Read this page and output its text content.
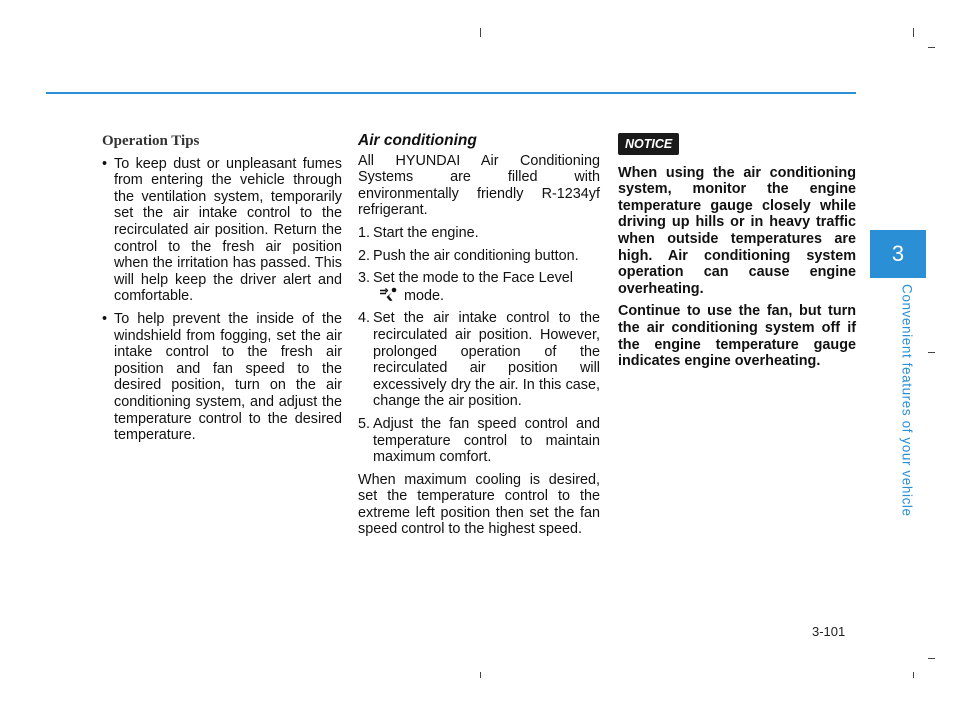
Operation Tips
• To keep dust or unpleasant fumes from entering the vehicle through the ventilation system, temporarily set the air intake control to the recirculated air position. Return the control to the fresh air position when the irritation has passed. This will help keep the driver alert and comfortable.
• To help prevent the inside of the windshield from fogging, set the air intake control to the fresh air position and fan speed to the desired position, turn on the air conditioning system, and adjust the temperature control to the desired temperature.
Air conditioning
All HYUNDAI Air Conditioning Systems are filled with environmentally friendly R-1234yf refrigerant.
1. Start the engine.
2. Push the air conditioning button.
3. Set the mode to the Face Level
mode.
4. Set the air intake control to the recirculated air position. However, prolonged operation of the recirculated air position will excessively dry the air. In this case, change the air position.
5. Adjust the fan speed control and temperature control to maintain maximum comfort.
When maximum cooling is desired, set the temperature control to the extreme left position then set the fan speed control to the highest speed.
NOTICE
When using the air conditioning system, monitor the engine temperature gauge closely while driving up hills or in heavy traffic when outside temperatures are high. Air conditioning system operation can cause engine overheating.
Continue to use the fan, but turn the air conditioning system off if the engine temperature gauge indicates engine overheating.
3
Convenient features of your vehicle
3-101
